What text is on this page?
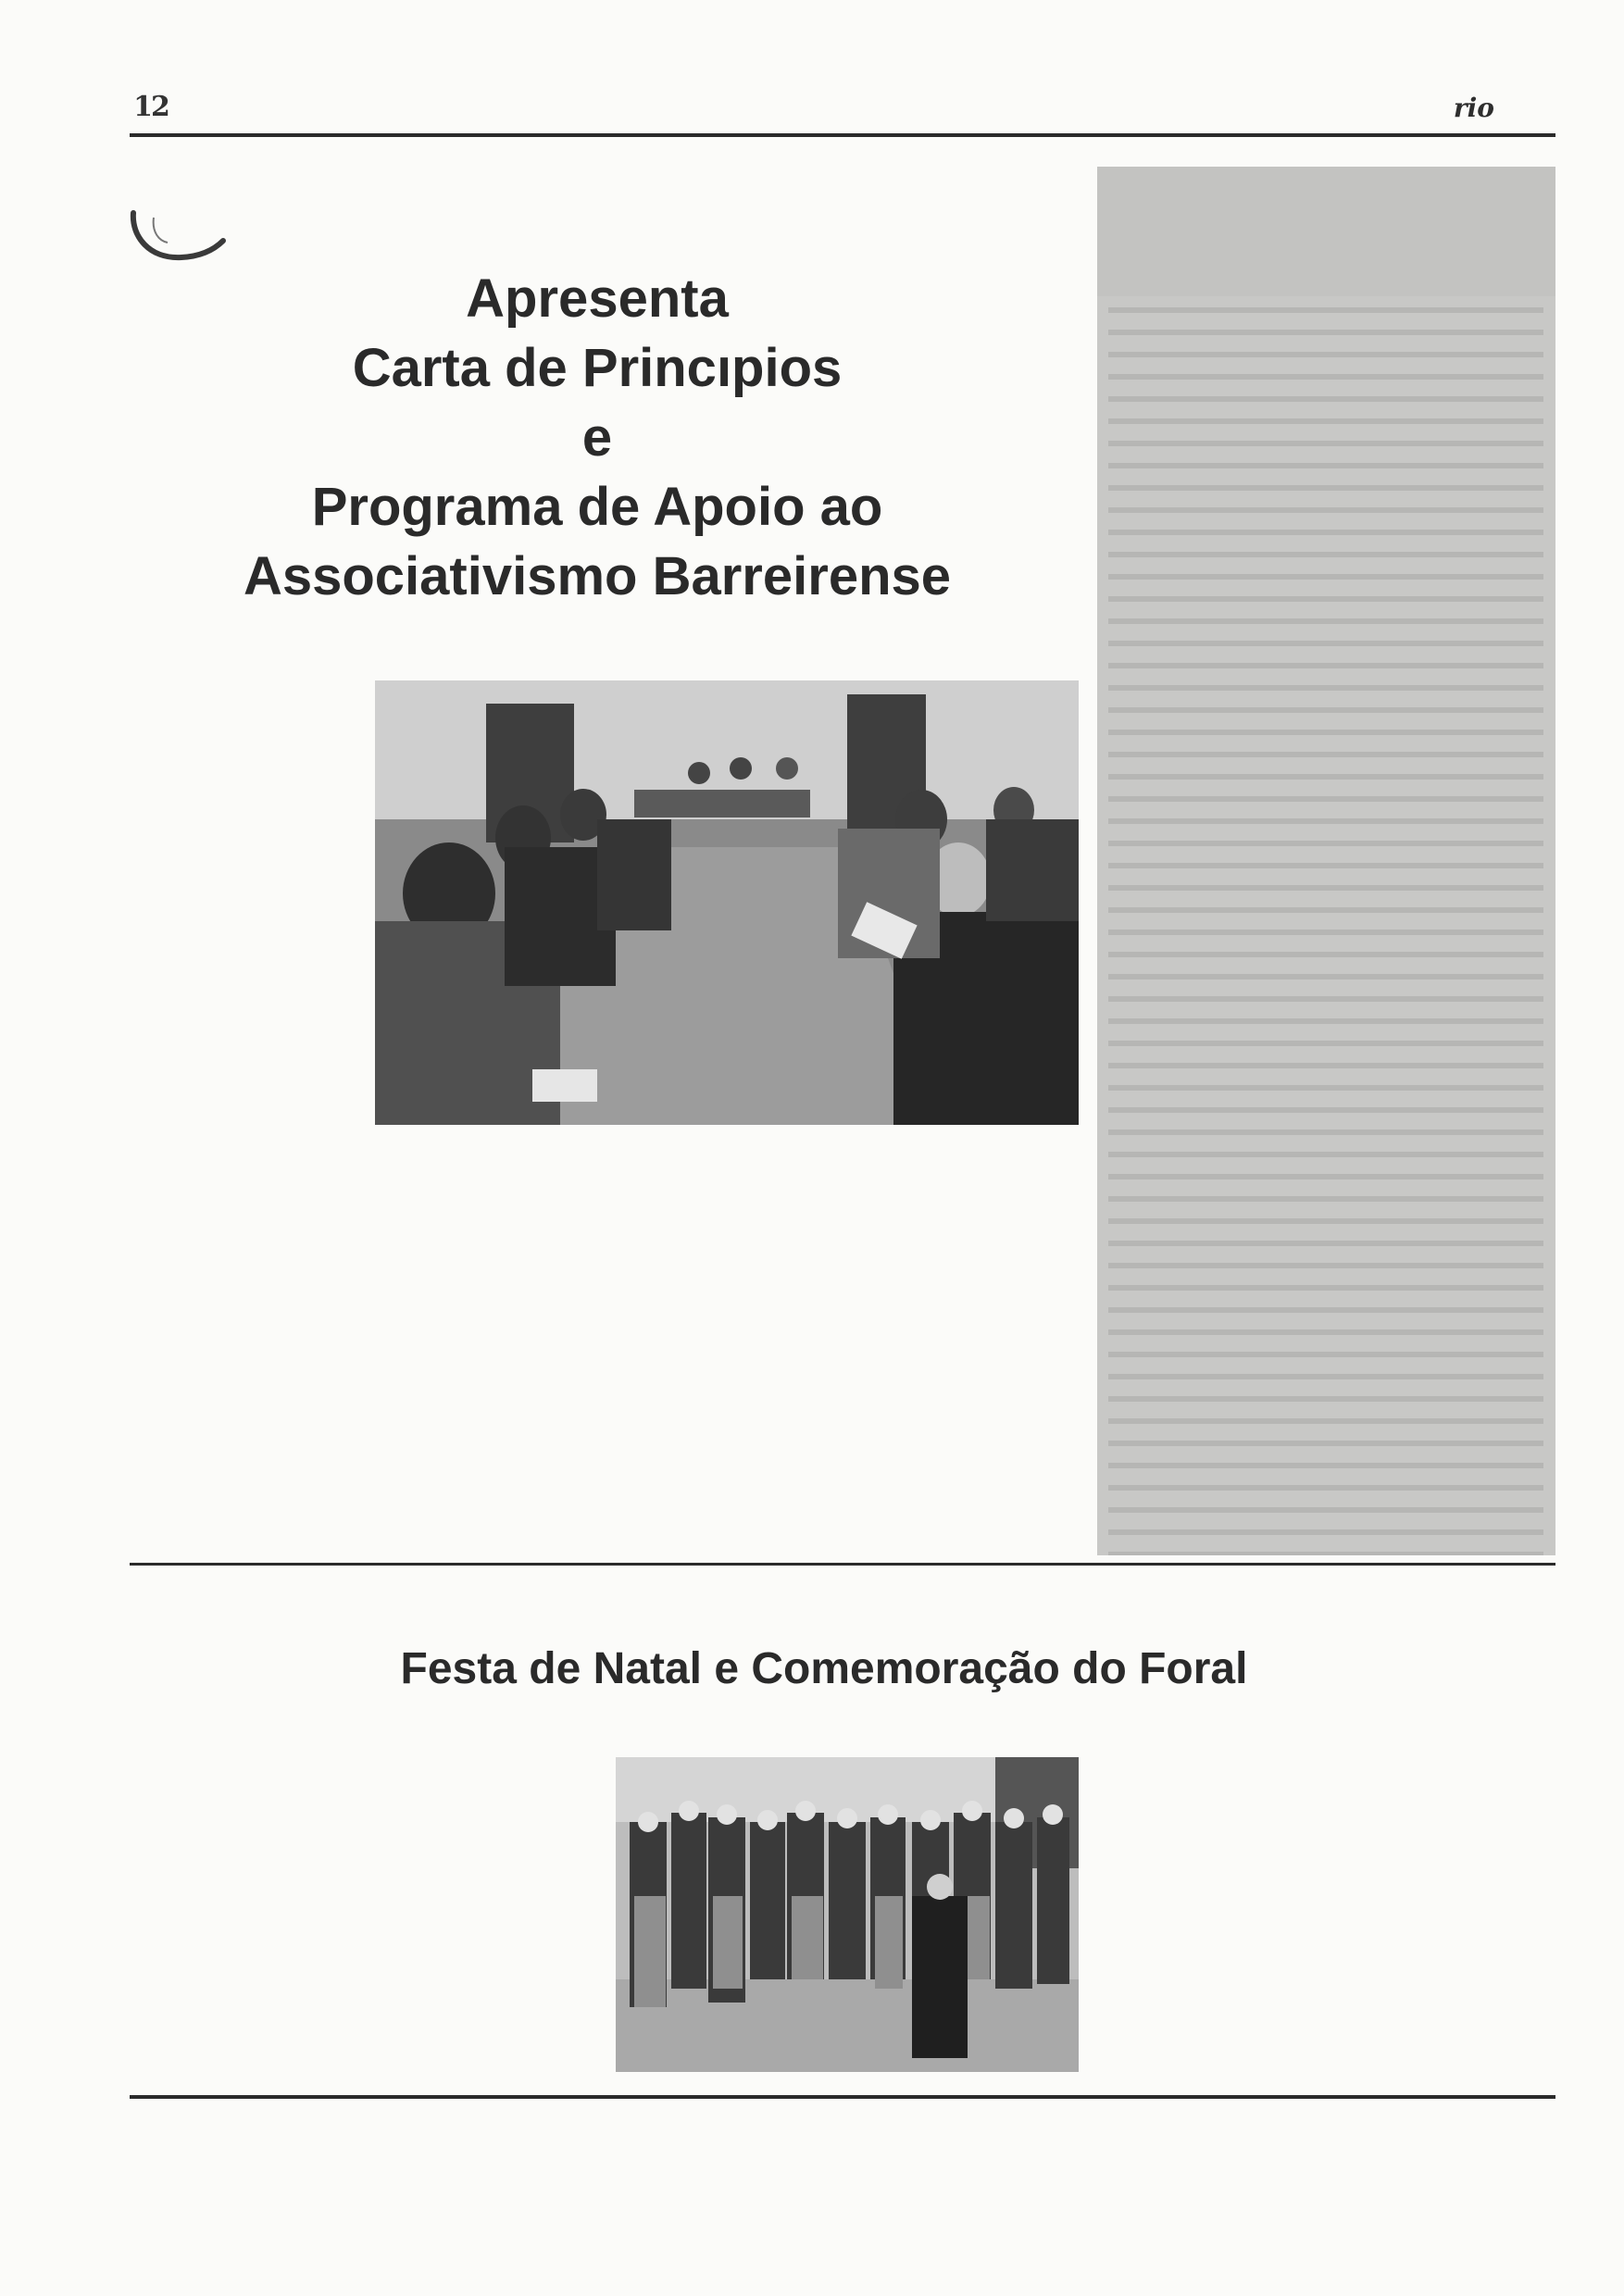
12	rio
Apresenta
Carta de Princıpios
e
Programa de Apoio ao
Associativismo Barreirense
Festa de Natal e Comemoração do Foral
